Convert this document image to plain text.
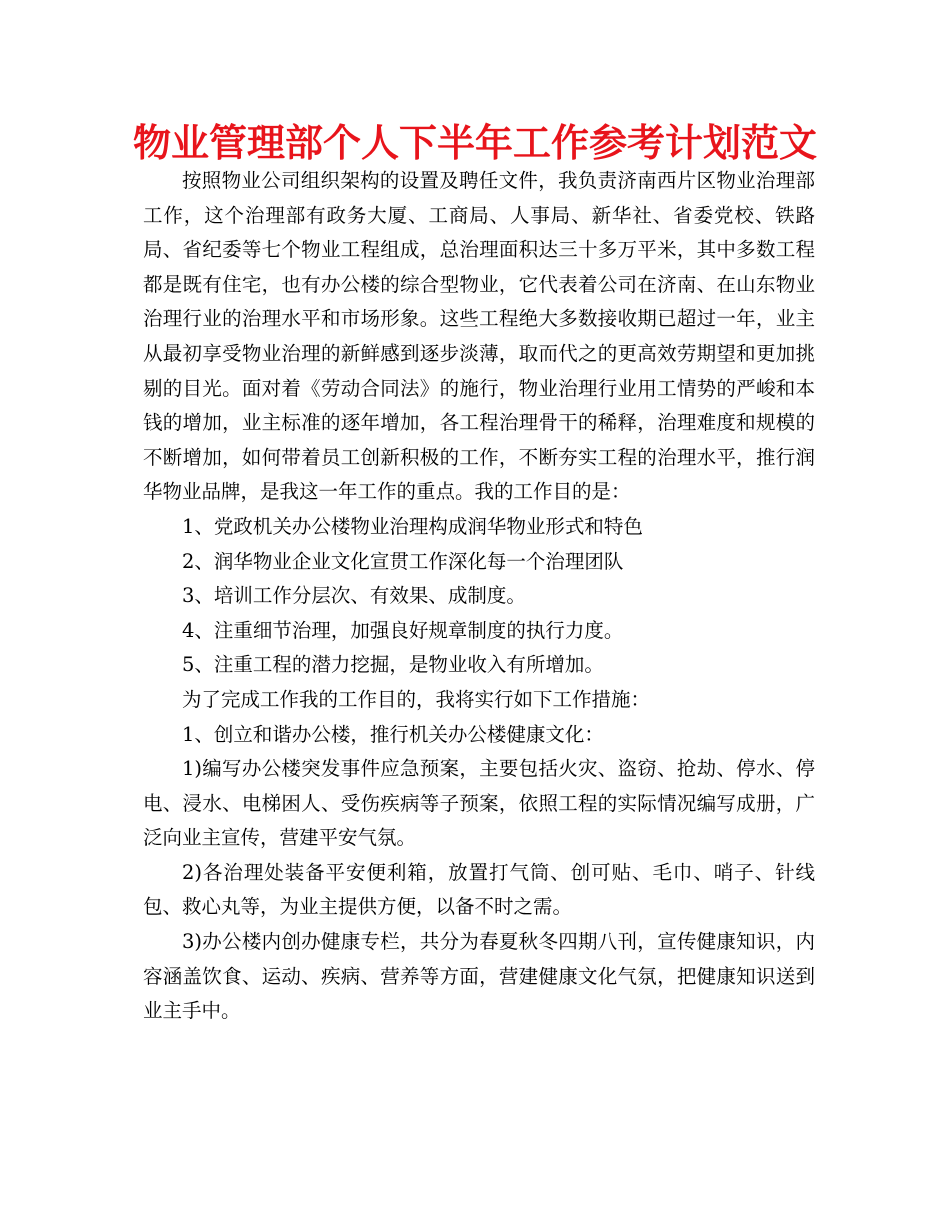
物业管理部个人下半年工作参考计划范文

按照物业公司组织架构的设置及聘任文件，我负责济南西片区物业治理部工作，这个治理部有政务大厦、工商局、人事局、新华社、省委党校、铁路局、省纪委等七个物业工程组成，总治理面积达三十多万平米，其中多数工程都是既有住宅，也有办公楼的综合型物业，它代表着公司在济南、在山东物业治理行业的治理水平和市场形象。这些工程绝大多数接收期已超过一年，业主从最初享受物业治理的新鲜感到逐步淡薄，取而代之的更高效劳期望和更加挑剔的目光。面对着《劳动合同法》的施行，物业治理行业用工情势的严峻和本钱的增加，业主标准的逐年增加，各工程治理骨干的稀释，治理难度和规模的不断增加，如何带着员工创新积极的工作，不断夯实工程的治理水平，推行润华物业品牌，是我这一年工作的重点。我的工作目的是：

1、党政机关办公楼物业治理构成润华物业形式和特色

2、润华物业企业文化宣贯工作深化每一个治理团队

3、培训工作分层次、有效果、成制度。

4、注重细节治理，加强良好规章制度的执行力度。

5、注重工程的潜力挖掘，是物业收入有所增加。

为了完成工作我的工作目的，我将实行如下工作措施：

1、创立和谐办公楼，推行机关办公楼健康文化：

1)编写办公楼突发事件应急预案，主要包括火灾、盗窃、抢劫、停水、停电、浸水、电梯困人、受伤疾病等子预案，依照工程的实际情况编写成册，广泛向业主宣传，营建平安气氛。

2)各治理处装备平安便利箱，放置打气筒、创可贴、毛巾、哨子、针线包、救心丸等，为业主提供方便，以备不时之需。

3)办公楼内创办健康专栏，共分为春夏秋冬四期八刊，宣传健康知识，内容涵盖饮食、运动、疾病、营养等方面，营建健康文化气氛，把健康知识送到业主手中。
